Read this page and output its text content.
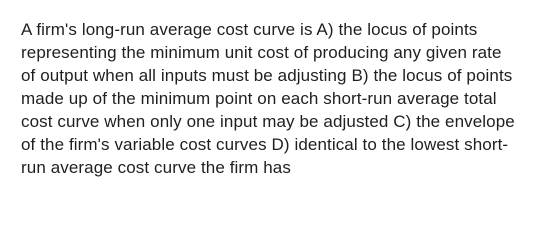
A firm's long-run average cost curve is A) the locus of points
representing the minimum unit cost of producing any given rate
of output when all inputs must be adjusting B) the locus of points
made up of the minimum point on each short-run average total
cost curve when only one input may be adjusted C) the envelope
of the firm's variable cost curves D) identical to the lowest short-
run average cost curve the firm has
